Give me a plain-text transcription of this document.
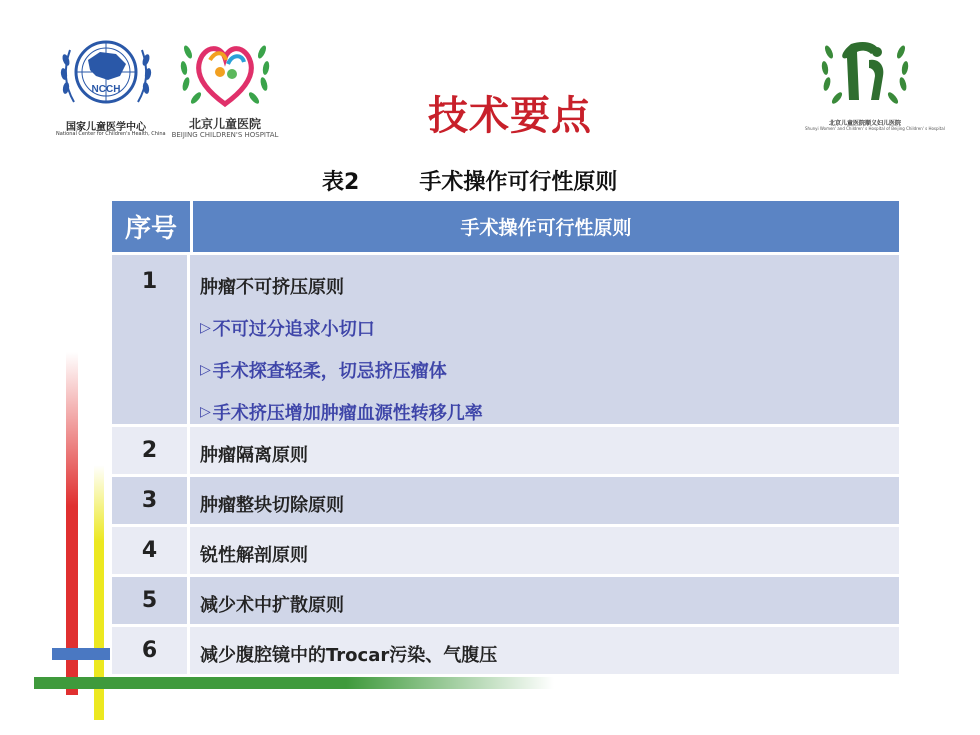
NCCH
国家儿童医学中心
National Center for Children's Health, China
北京儿童医院
BEIJING CHILDREN'S HOSPITAL
北京儿童医院顺义妇儿医院
Shunyi Women' and Children' s Hospital of Beijing Children' s Hospital
技术要点
表2	手术操作可行性原则
序号	手术操作可行性原则
1	肿瘤不可挤压原则
▷ 不可过分追求小切口
▷ 手术探查轻柔，切忌挤压瘤体
▷ 手术挤压增加肿瘤血源性转移几率
2	肿瘤隔离原则
3	肿瘤整块切除原则
4	锐性解剖原则
5	减少术中扩散原则
6	减少腹腔镜中的Trocar污染、气腹压
